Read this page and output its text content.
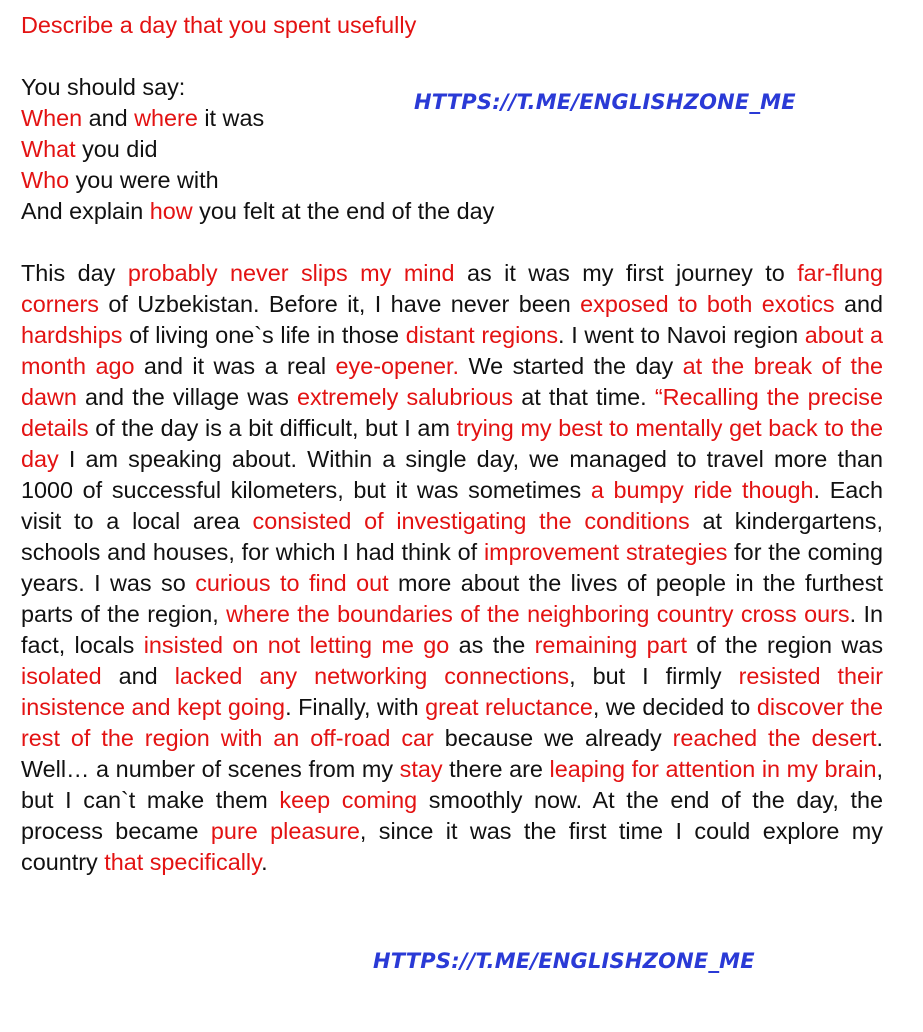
Describe a day that you spent usefully
You should say:
When and where it was
What you did
Who you were with
And explain how you felt at the end of the day

This day probably never slips my mind as it was my first journey to far-flung corners of Uzbekistan. Before it, I have never been exposed to both exotics and hardships of living one`s life in those distant regions. I went to Navoi region about a month ago and it was a real eye-opener. We started the day at the break of the dawn and the village was extremely salubrious at that time. “Recalling the precise details of the day is a bit difficult, but I am trying my best to mentally get back to the day I am speaking about. Within a single day, we managed to travel more than 1000 of successful kilometers, but it was sometimes a bumpy ride though. Each visit to a local area consisted of investigating the conditions at kindergartens, schools and houses, for which I had think of improvement strategies for the coming years. I was so curious to find out more about the lives of people in the furthest parts of the region, where the boundaries of the neighboring country cross ours. In fact, locals insisted on not letting me go as the remaining part of the region was isolated and lacked any networking connections, but I firmly resisted their insistence and kept going. Finally, with great reluctance, we decided to discover the rest of the region with an off-road car because we already reached the desert. Well… a number of scenes from my stay there are leaping for attention in my brain, but I can`t make them keep coming smoothly now. At the end of the day, the process became pure pleasure, since it was the first time I could explore my country that specifically.

HTTPS://T.ME/ENGLISHZONE_ME
HTTPS://T.ME/ENGLISHZONE_ME
